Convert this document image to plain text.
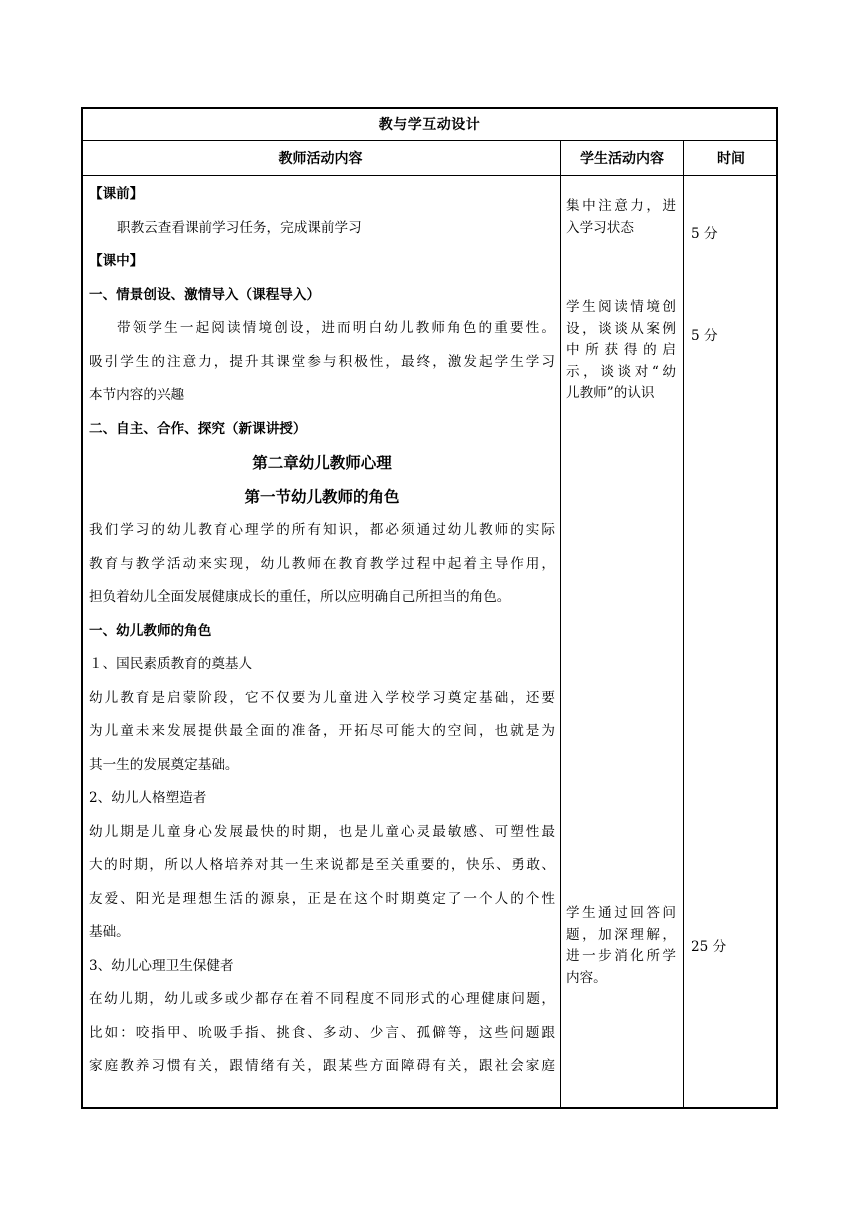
教与学互动设计
教师活动内容	学生活动内容	时间

【课前】

职教云查看课前学习任务，完成课前学习

【课中】

一、情景创设、激情导入（课程导入）

带领学生一起阅读情境创设，进而明白幼儿教师角色的重要性。

吸引学生的注意力，提升其课堂参与积极性，最终，激发起学生学习

本节内容的兴趣

二、自主、合作、探究（新课讲授）

第二章幼儿教师心理

第一节幼儿教师的角色

我们学习的幼儿教育心理学的所有知识，都必须通过幼儿教师的实际

教育与教学活动来实现，幼儿教师在教育教学过程中起着主导作用，

担负着幼儿全面发展健康成长的重任，所以应明确自己所担当的角色。

一、幼儿教师的角色

１、国民素质教育的奠基人

幼儿教育是启蒙阶段，它不仅要为儿童进入学校学习奠定基础，还要

为儿童未来发展提供最全面的准备，开拓尽可能大的空间，也就是为

其一生的发展奠定基础。

2、幼儿人格塑造者

幼儿期是儿童身心发展最快的时期，也是儿童心灵最敏感、可塑性最

大的时期，所以人格培养对其一生来说都是至关重要的，快乐、勇敢、

友爱、阳光是理想生活的源泉，正是在这个时期奠定了一个人的个性

基础。

3、幼儿心理卫生保健者

在幼儿期，幼儿或多或少都存在着不同程度不同形式的心理健康问题，

比如：咬指甲、吮吸手指、挑食、多动、少言、孤僻等，这些问题跟

家庭教养习惯有关，跟情绪有关，跟某些方面障碍有关，跟社会家庭

集中注意力，进

入学习状态

学生阅读情境创

设，谈谈从案例

中所获得的启

示，谈谈对“幼

儿教师”的认识

学生通过回答问

题，加深理解，

进一步消化所学

内容。

5 分
5 分
25 分
